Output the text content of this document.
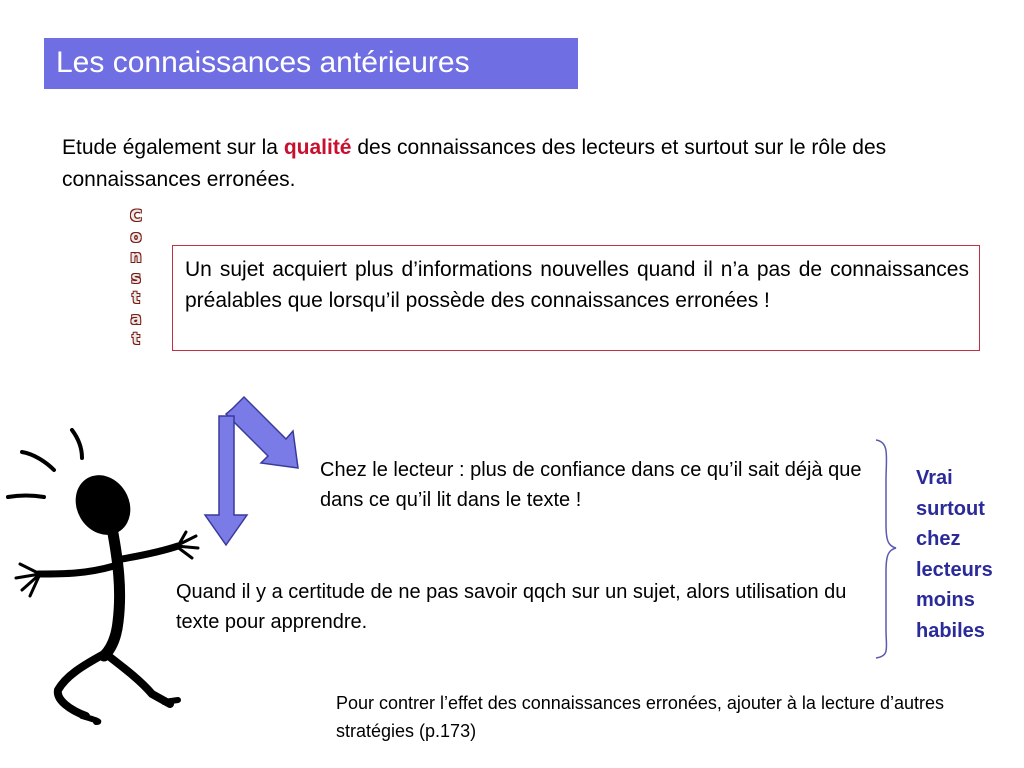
Les connaissances antérieures
Etude également sur la qualité des connaissances des lecteurs et surtout sur le rôle des connaissances erronées.
C
o
n
s
t
a
t
Un sujet acquiert plus d’informations nouvelles quand il n’a pas de connaissances préalables que lorsqu’il possède des connaissances erronées !
Chez le lecteur : plus de confiance dans ce qu’il sait déjà que dans ce qu’il lit dans le texte !
Quand il y a certitude de ne pas savoir qqch sur un sujet, alors utilisation du texte pour apprendre.
Vrai surtout chez lecteurs moins habiles
Pour contrer l’effet des connaissances erronées, ajouter à la lecture d’autres stratégies (p.173)
